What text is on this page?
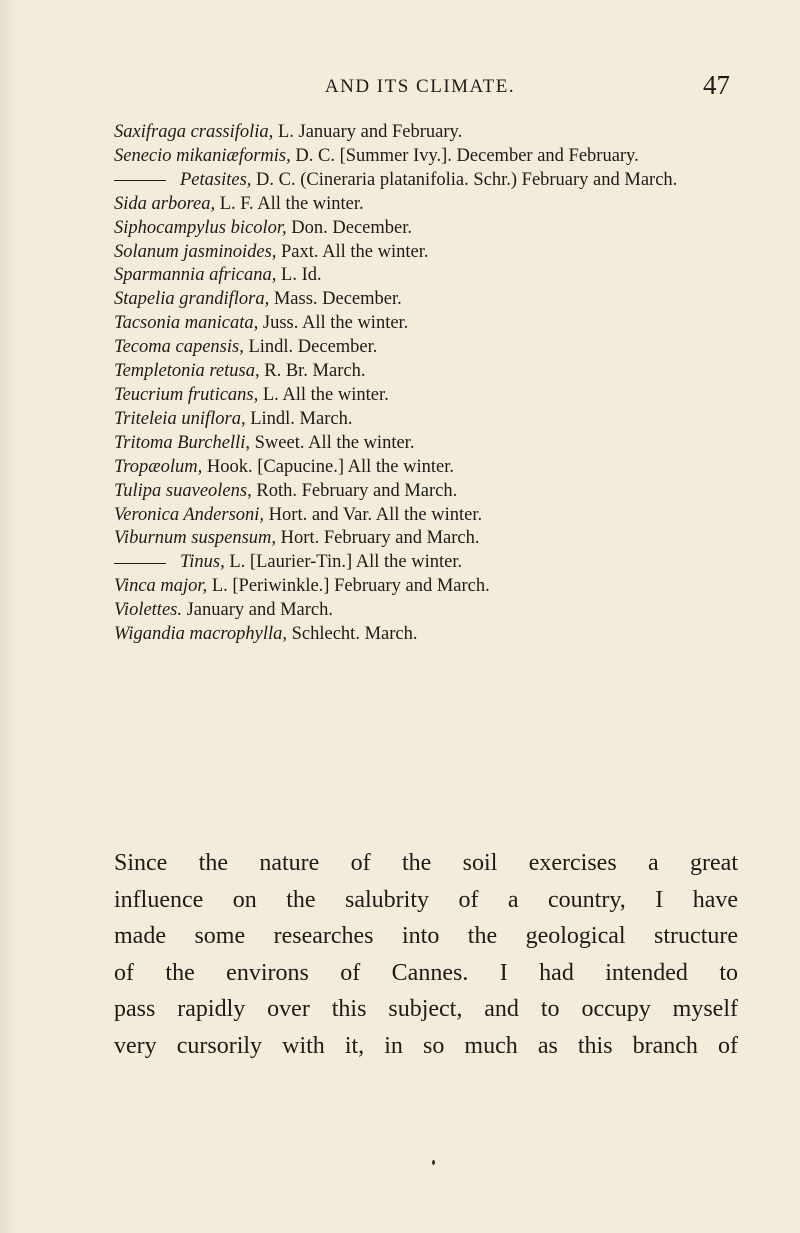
AND ITS CLIMATE.	47
Saxifraga crassifolia, L. January and February.
Senecio mikaniæformis, D. C. [Summer Ivy.]. December and February.
Petasites, D. C. (Cineraria platanifolia. Schr.) February and March.
Sida arborea, L. F. All the winter.
Siphocampylus bicolor, Don. December.
Solanum jasminoides, Paxt. All the winter.
Sparmannia africana, L. Id.
Stapelia grandiflora, Mass. December.
Tacsonia manicata, Juss. All the winter.
Tecoma capensis, Lindl. December.
Templetonia retusa, R. Br. March.
Teucrium fruticans, L. All the winter.
Triteleia uniflora, Lindl. March.
Tritoma Burchelli, Sweet. All the winter.
Tropæolum, Hook. [Capucine.] All the winter.
Tulipa suaveolens, Roth. February and March.
Veronica Andersoni, Hort. and Var. All the winter.
Viburnum suspensum, Hort. February and March.
Tinus, L. [Laurier-Tin.] All the winter.
Vinca major, L. [Periwinkle.] February and March.
Violettes. January and March.
Wigandia macrophylla, Schlecht. March.
Since the nature of the soil exercises a great
influence on the salubrity of a country, I have
made some researches into the geological structure
of the environs of Cannes. I had intended to
pass rapidly over this subject, and to occupy myself
very cursorily with it, in so much as this branch of
